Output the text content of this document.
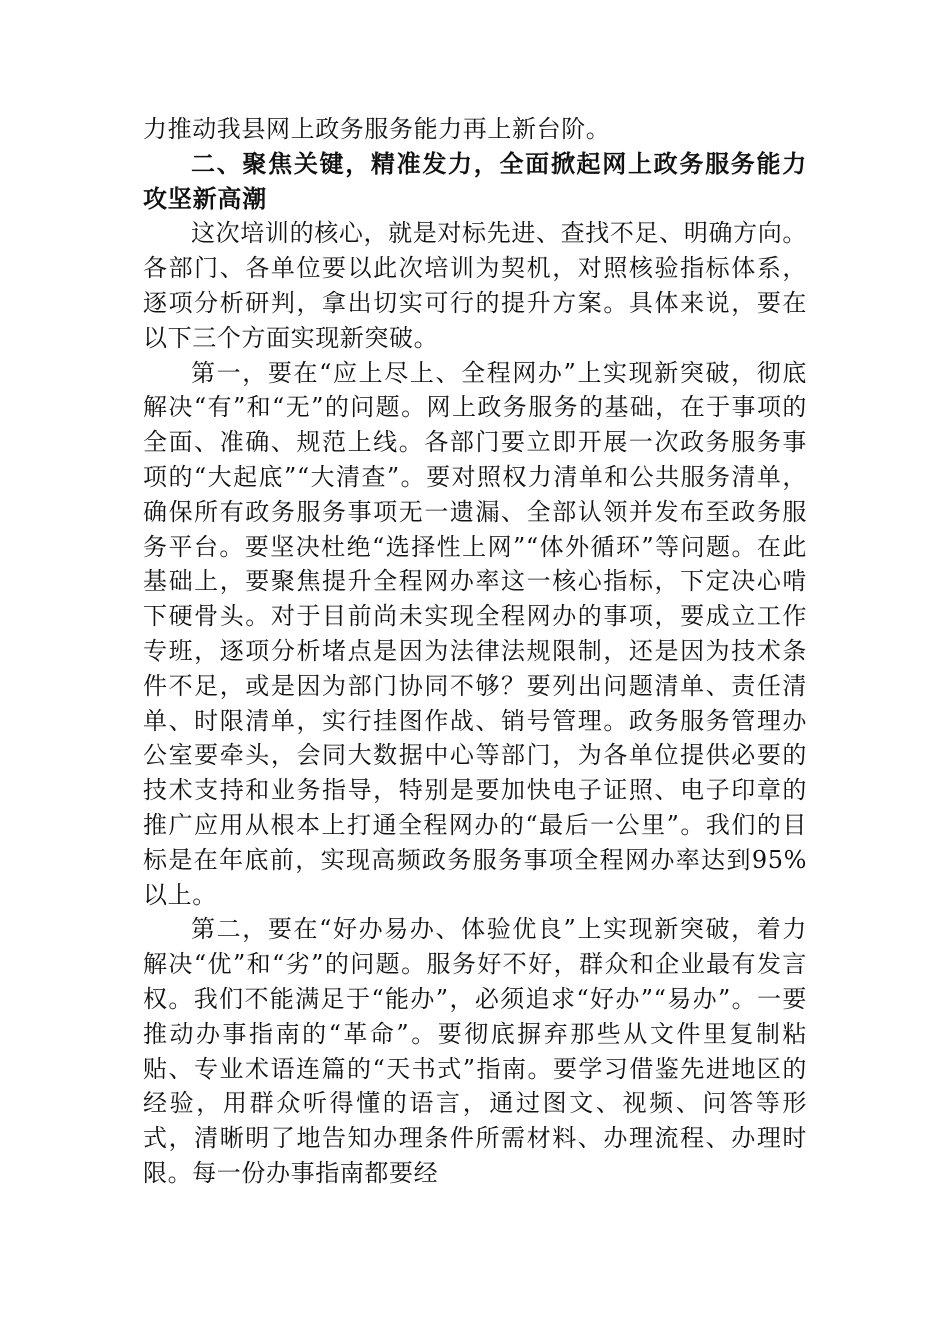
力推动我县网上政务服务能力再上新台阶。

二、聚焦关键，精准发力，全面掀起网上政务服务能力攻坚新高潮

这次培训的核心，就是对标先进、查找不足、明确方向。各部门、各单位要以此次培训为契机，对照核验指标体系，逐项分析研判，拿出切实可行的提升方案。具体来说，要在以下三个方面实现新突破。

第一，要在“应上尽上、全程网办”上实现新突破，彻底解决“有”和“无”的问题。网上政务服务的基础，在于事项的全面、准确、规范上线。各部门要立即开展一次政务服务事项的“大起底”“大清查”。要对照权力清单和公共服务清单，确保所有政务服务事项无一遗漏、全部认领并发布至政务服务平台。要坚决杜绝“选择性上网”“体外循环”等问题。在此基础上，要聚焦提升全程网办率这一核心指标，下定决心啃下硬骨头。对于目前尚未实现全程网办的事项，要成立工作专班，逐项分析堵点是因为法律法规限制，还是因为技术条件不足，或是因为部门协同不够？要列出问题清单、责任清单、时限清单，实行挂图作战、销号管理。政务服务管理办公室要牵头，会同大数据中心等部门，为各单位提供必要的技术支持和业务指导，特别是要加快电子证照、电子印章的推广应用从根本上打通全程网办的“最后一公里”。我们的目标是在年底前，实现高频政务服务事项全程网办率达到95%以上。

第二，要在“好办易办、体验优良”上实现新突破，着力解决“优”和“劣”的问题。服务好不好，群众和企业最有发言权。我们不能满足于“能办”，必须追求“好办”“易办”。一要推动办事指南的“革命”。要彻底摒弃那些从文件里复制粘贴、专业术语连篇的“天书式”指南。要学习借鉴先进地区的经验，用群众听得懂的语言，通过图文、视频、问答等形式，清晰明了地告知办理条件所需材料、办理流程、办理时限。每一份办事指南都要经
